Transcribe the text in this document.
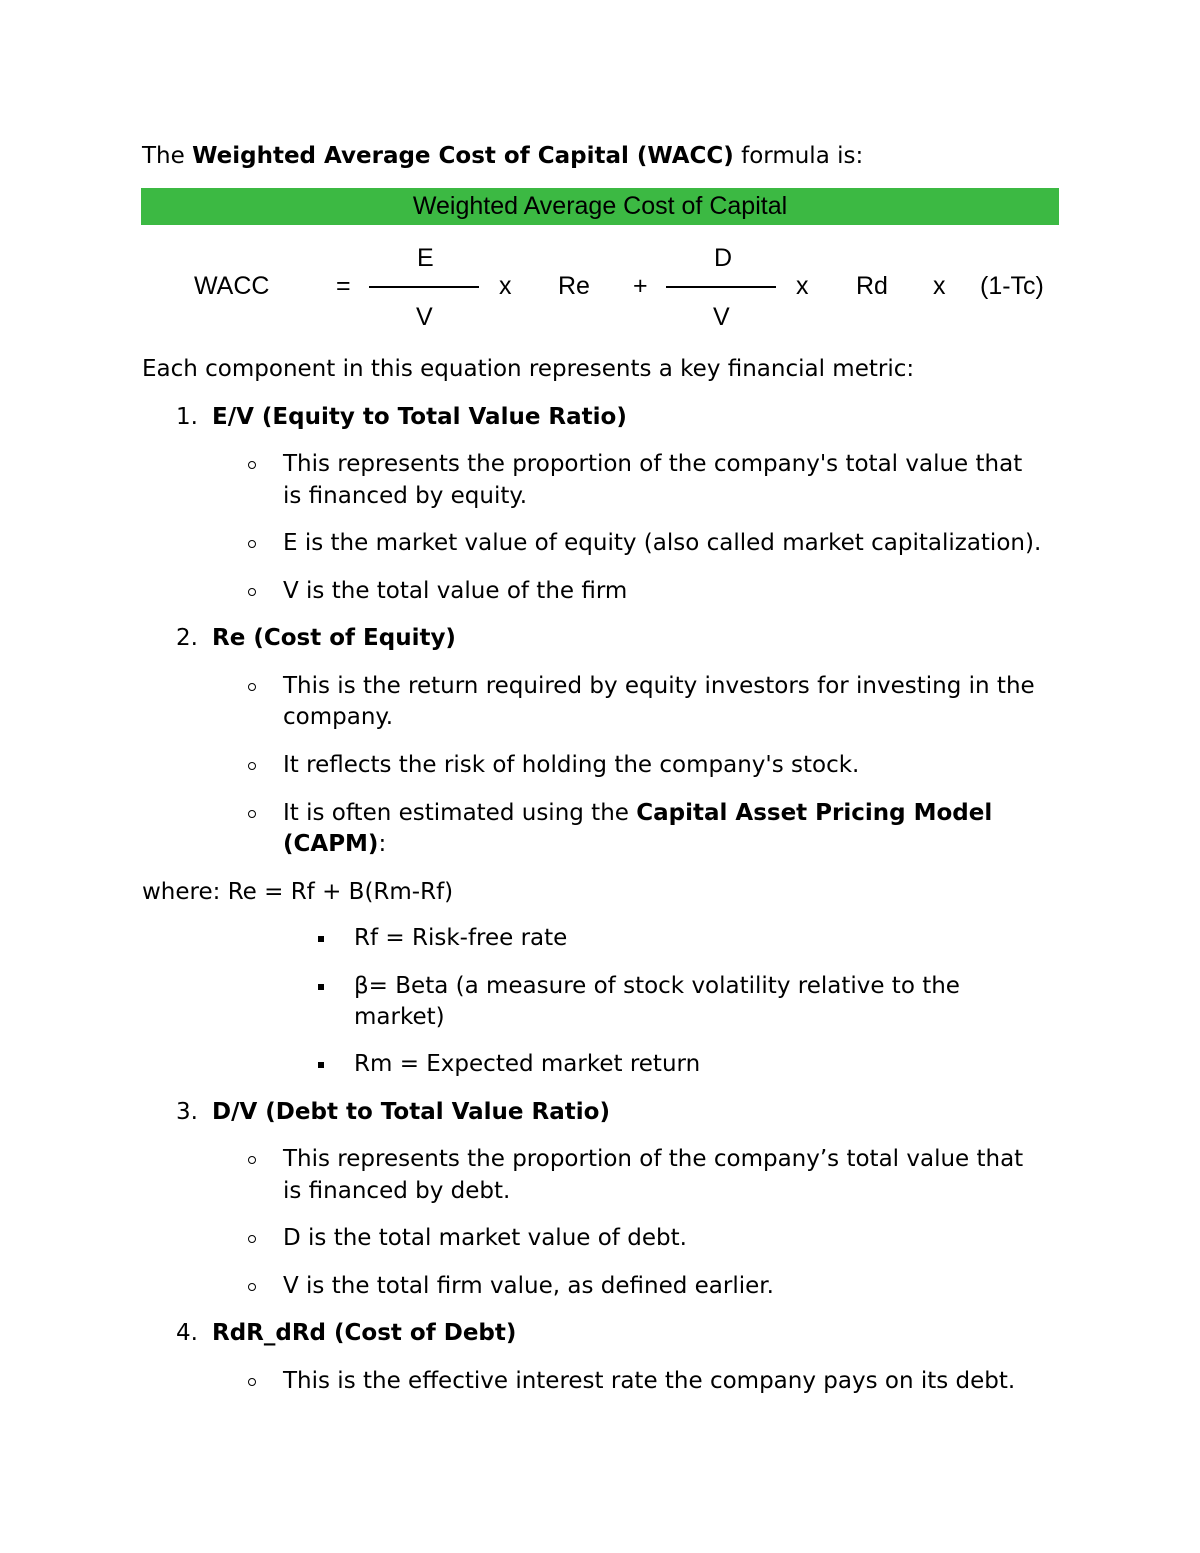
The Weighted Average Cost of Capital (WACC) formula is:
Weighted Average Cost of Capital
WACC	=
E
V
x Re +
D
V
x Rd x (1-Tc)
Each component in this equation represents a key financial metric:
1. E/V (Equity to Total Value Ratio)
This represents the proportion of the company's total value that
is financed by equity.
E is the market value of equity (also called market capitalization).
V is the total value of the firm
2. Re (Cost of Equity)
This is the return required by equity investors for investing in the
company.
It reflects the risk of holding the company's stock.
It is often estimated using the Capital Asset Pricing Model
(CAPM):
where: Re = Rf + B(Rm-Rf)
Rf = Risk-free rate
β= Beta (a measure of stock volatility relative to the
market)
Rm = Expected market return
3. D/V (Debt to Total Value Ratio)
This represents the proportion of the company’s total value that
is financed by debt.
D is the total market value of debt.
V is the total firm value, as defined earlier.
4. RdR_dRd (Cost of Debt)
This is the effective interest rate the company pays on its debt.
